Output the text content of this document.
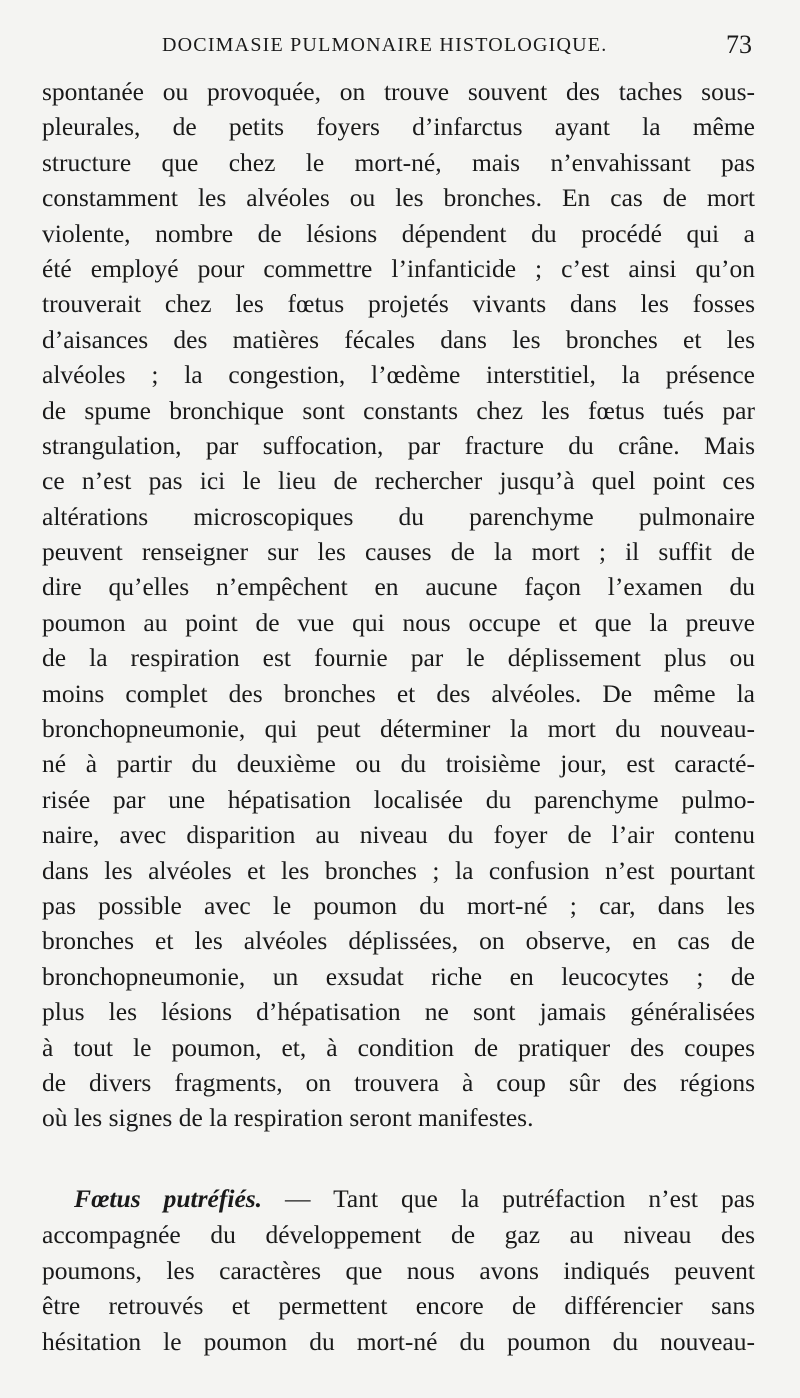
DOCIMASIE PULMONAIRE HISTOLOGIQUE.	73
spontanée ou provoquée, on trouve souvent des taches sous-
pleurales, de petits foyers d’infarctus ayant la même
structure que chez le mort-né, mais n’envahissant pas
constamment les alvéoles ou les bronches. En cas de mort
violente, nombre de lésions dépendent du procédé qui a
été employé pour commettre l’infanticide ; c’est ainsi qu’on
trouverait chez les fœtus projetés vivants dans les fosses
d’aisances des matières fécales dans les bronches et les
alvéoles ; la congestion, l’œdème interstitiel, la présence
de spume bronchique sont constants chez les fœtus tués par
strangulation, par suffocation, par fracture du crâne. Mais
ce n’est pas ici le lieu de rechercher jusqu’à quel point ces
altérations microscopiques du parenchyme pulmonaire
peuvent renseigner sur les causes de la mort ; il suffit de
dire qu’elles n’empêchent en aucune façon l’examen du
poumon au point de vue qui nous occupe et que la preuve
de la respiration est fournie par le déplissement plus ou
moins complet des bronches et des alvéoles. De même la
bronchopneumonie, qui peut déterminer la mort du nouveau-
né à partir du deuxième ou du troisième jour, est caracté-
risée par une hépatisation localisée du parenchyme pulmo-
naire, avec disparition au niveau du foyer de l’air contenu
dans les alvéoles et les bronches ; la confusion n’est pourtant
pas possible avec le poumon du mort-né ; car, dans les
bronches et les alvéoles déplissées, on observe, en cas de
bronchopneumonie, un exsudat riche en leucocytes ; de
plus les lésions d’hépatisation ne sont jamais généralisées
à tout le poumon, et, à condition de pratiquer des coupes
de divers fragments, on trouvera à coup sûr des régions
où les signes de la respiration seront manifestes.
Fœtus putréfiés. — Tant que la putréfaction n’est pas
accompagnée du développement de gaz au niveau des
poumons, les caractères que nous avons indiqués peuvent
être retrouvés et permettent encore de différencier sans
hésitation le poumon du mort-né du poumon du nouveau-
